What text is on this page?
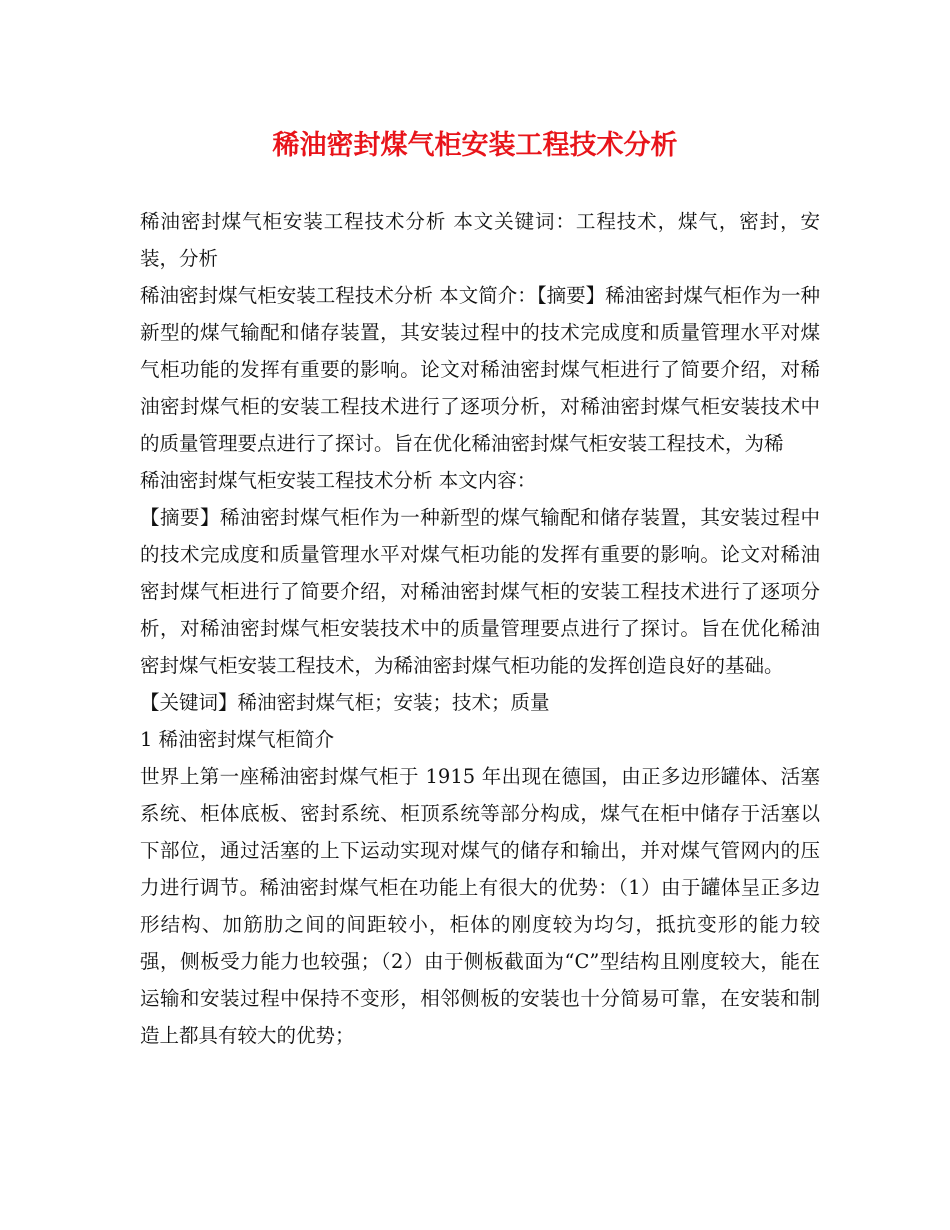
稀油密封煤气柜安装工程技术分析

稀油密封煤气柜安装工程技术分析 本文关键词：工程技术，煤气，密封，安装，分析

稀油密封煤气柜安装工程技术分析 本文简介：【摘要】稀油密封煤气柜作为一种新型的煤气输配和储存装置，其安装过程中的技术完成度和质量管理水平对煤气柜功能的发挥有重要的影响。论文对稀油密封煤气柜进行了简要介绍，对稀油密封煤气柜的安装工程技术进行了逐项分析，对稀油密封煤气柜安装技术中的质量管理要点进行了探讨。旨在优化稀油密封煤气柜安装工程技术，为稀

稀油密封煤气柜安装工程技术分析 本文内容：

【摘要】稀油密封煤气柜作为一种新型的煤气输配和储存装置，其安装过程中的技术完成度和质量管理水平对煤气柜功能的发挥有重要的影响。论文对稀油密封煤气柜进行了简要介绍，对稀油密封煤气柜的安装工程技术进行了逐项分析，对稀油密封煤气柜安装技术中的质量管理要点进行了探讨。旨在优化稀油密封煤气柜安装工程技术，为稀油密封煤气柜功能的发挥创造良好的基础。

【关键词】稀油密封煤气柜；安装；技术；质量

1 稀油密封煤气柜简介

世界上第一座稀油密封煤气柜于 1915 年出现在德国，由正多边形罐体、活塞系统、柜体底板、密封系统、柜顶系统等部分构成，煤气在柜中储存于活塞以下部位，通过活塞的上下运动实现对煤气的储存和输出，并对煤气管网内的压力进行调节。稀油密封煤气柜在功能上有很大的优势：（1）由于罐体呈正多边形结构、加筋肋之间的间距较小，柜体的刚度较为均匀，抵抗变形的能力较强，侧板受力能力也较强；（2）由于侧板截面为“C”型结构且刚度较大，能在运输和安装过程中保持不变形，相邻侧板的安装也十分简易可靠，在安装和制造上都具有较大的优势；
